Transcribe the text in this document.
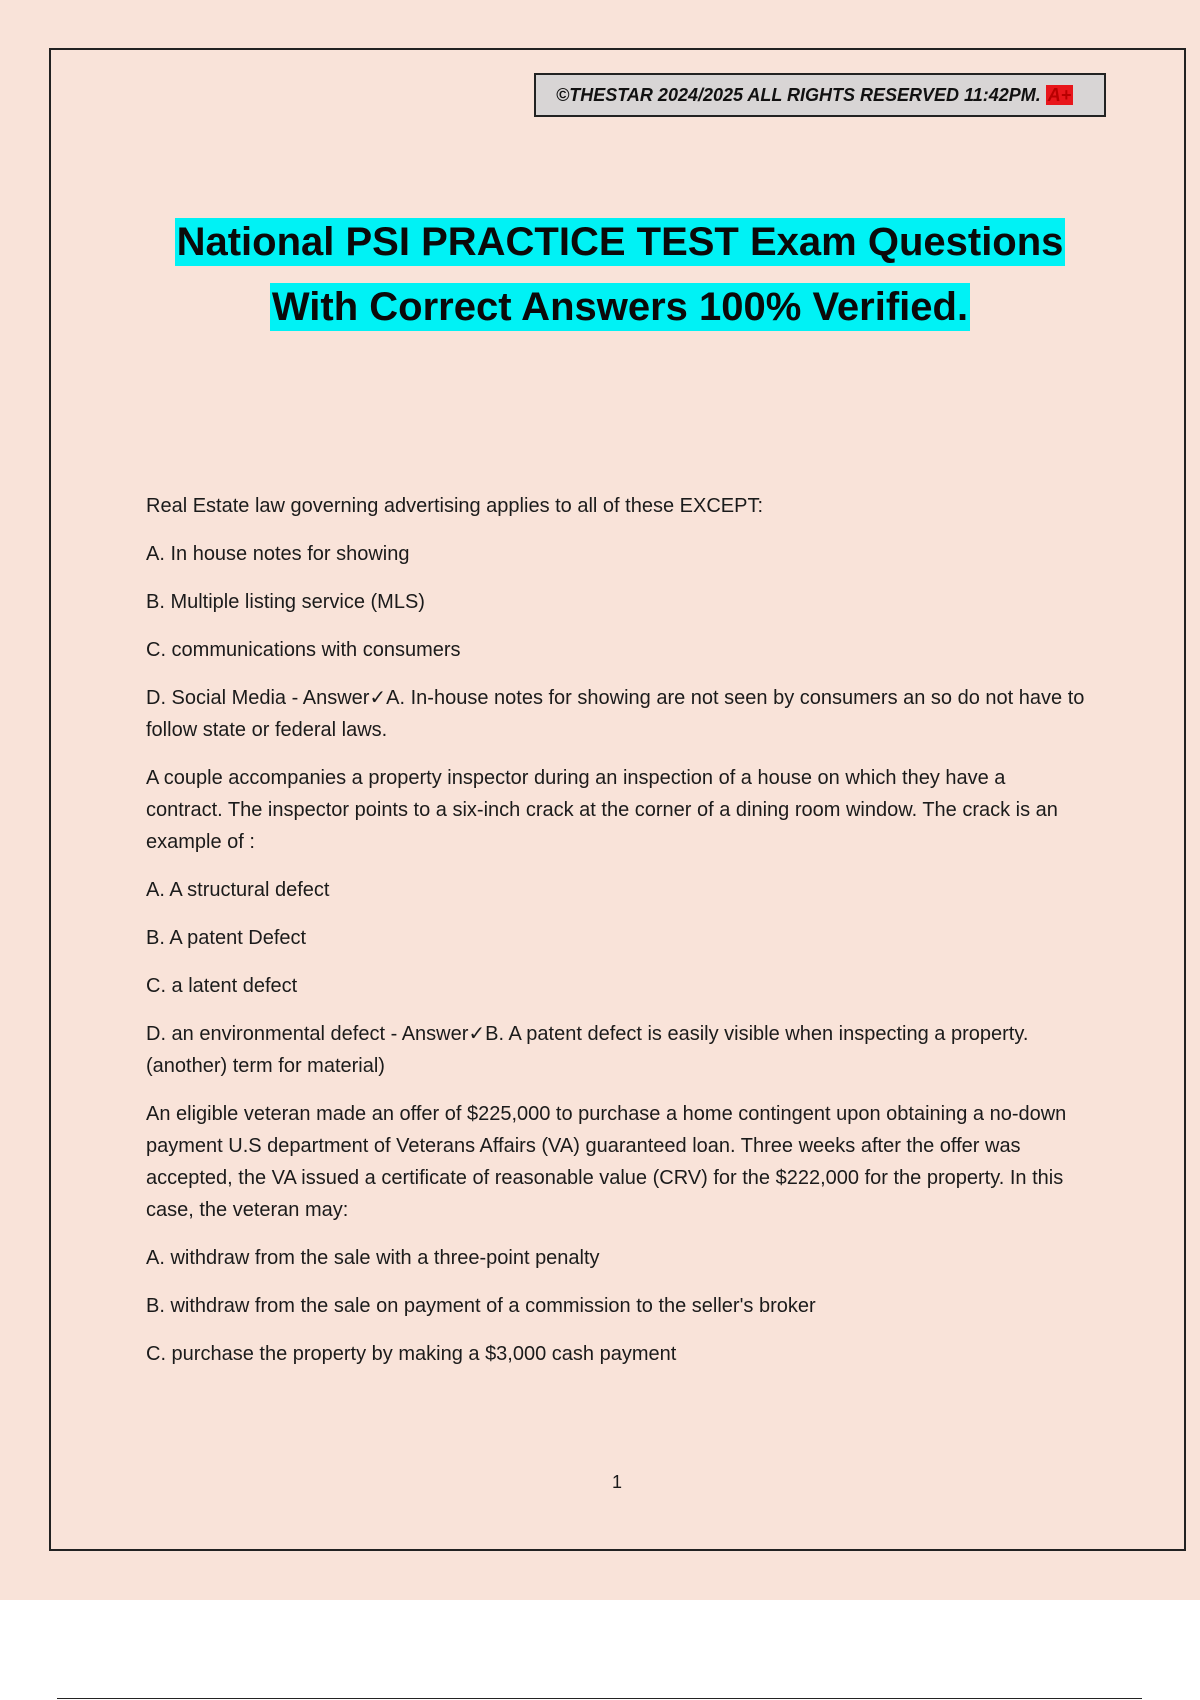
©THESTAR 2024/2025 ALL RIGHTS RESERVED 11:42PM. A+
National PSI PRACTICE TEST Exam Questions
With Correct Answers 100% Verified.

Real Estate law governing advertising applies to all of these EXCEPT:

A. In house notes for showing

B. Multiple listing service (MLS)

C. communications with consumers

D. Social Media - Answer✓A. In-house notes for showing are not seen by consumers an so do not have to follow state or federal laws.

A couple accompanies a property inspector during an inspection of a house on which they have a contract. The inspector points to a six-inch crack at the corner of a dining room window. The crack is an example of :

A. A structural defect

B. A patent Defect

C. a latent defect

D. an environmental defect - Answer✓B. A patent defect is easily visible when inspecting a property. (another) term for material)

An eligible veteran made an offer of $225,000 to purchase a home contingent upon obtaining a no-down payment U.S department of Veterans Affairs (VA) guaranteed loan. Three weeks after the offer was accepted, the VA issued a certificate of reasonable value (CRV) for the $222,000 for the property. In this case, the veteran may:

A. withdraw from the sale with a three-point penalty

B. withdraw from the sale on payment of a commission to the seller's broker

C. purchase the property by making a $3,000 cash payment

1
